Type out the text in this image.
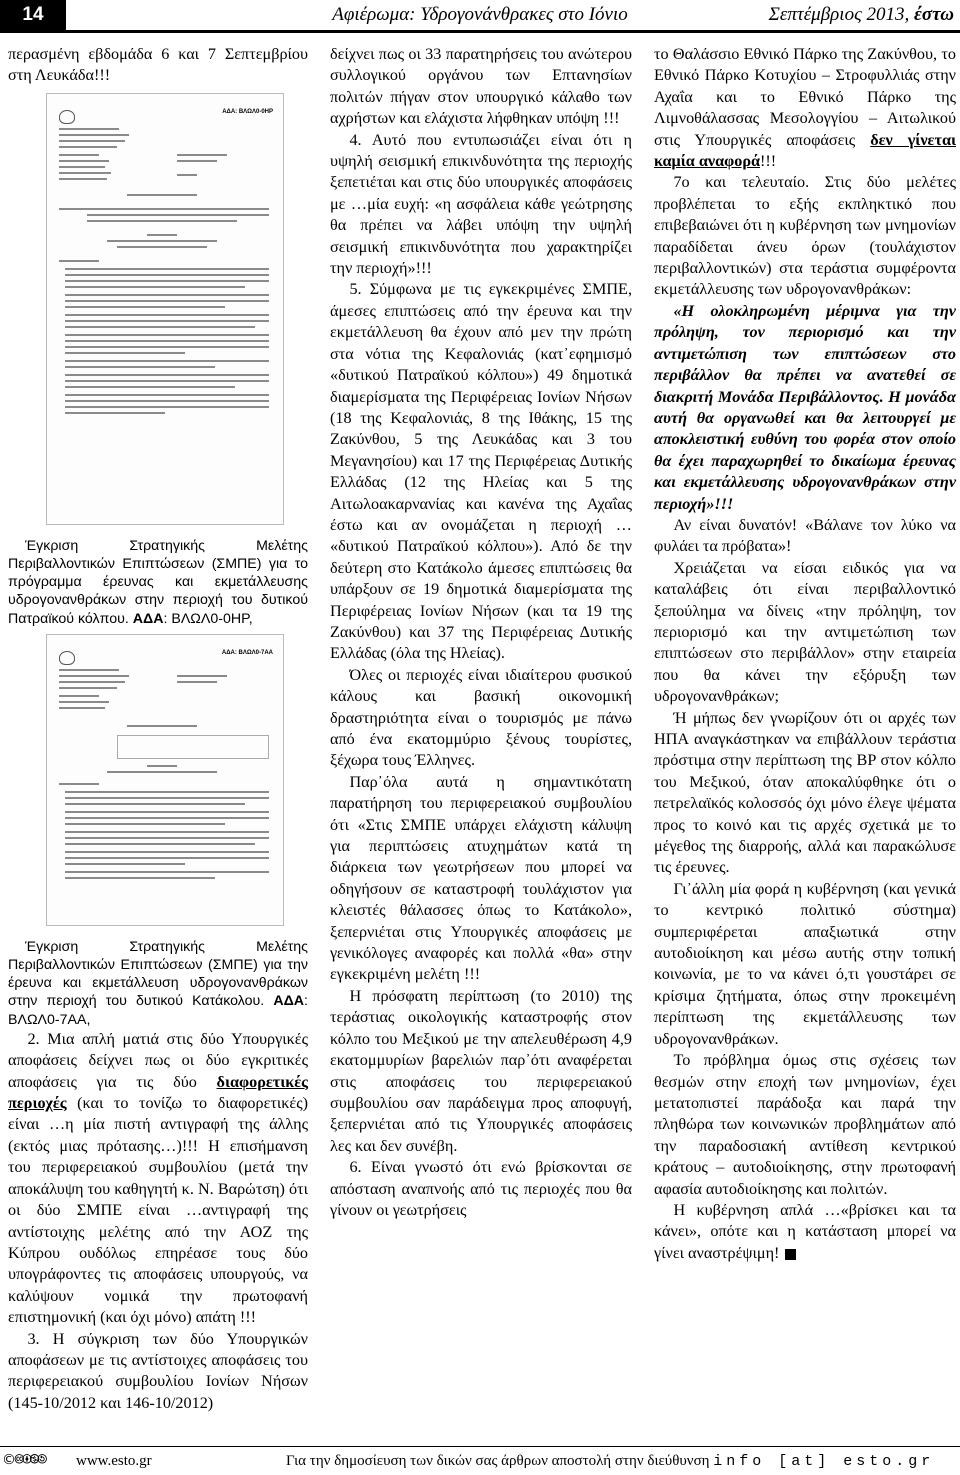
14	Αφιέρωμα: Υδρογονάνθρακες στο Ιόνιο	Σεπτέμβριος 2013, έστω

περασμένη εβδομάδα 6 και 7 Σεπτεμβρίου στη Λευκάδα!!!

ΑΔΑ: ΒΛΩΛ0-0ΗΡ

Έγκριση Στρατηγικής Μελέτης Περιβαλλοντικών Επιπτώσεων (ΣΜΠΕ) για το πρόγραμμα έρευνας και εκμετάλλευσης υδρογονανθράκων στην περιοχή του δυτικού Πατραϊκού κόλπου. ΑΔΑ: ΒΛΩΛ0-0ΗΡ,

ΑΔΑ: ΒΛΩΛ0-7ΑΑ

Έγκριση Στρατηγικής Μελέτης Περιβαλλοντικών Επιπτώσεων (ΣΜΠΕ) για την έρευνα και εκμετάλλευση υδρογονανθράκων στην περιοχή του δυτικού Κατάκολου. ΑΔΑ: ΒΛΩΛ0-7ΑΑ,

2. Μια απλή ματιά στις δύο Υπουργικές αποφάσεις δείχνει πως οι δύο εγκριτικές αποφάσεις για τις δύο διαφορετικές περιοχές (και το τονίζω το διαφορετικές) είναι …η μία πιστή αντιγραφή της άλλης (εκτός μιας πρότασης…)!!! Η επισήμανση του περιφερειακού συμβουλίου (μετά την αποκάλυψη του καθηγητή κ. Ν. Βαρώτση) ότι οι δύο ΣΜΠΕ είναι …αντιγραφή της αντίστοιχης μελέτης από την ΑΟΖ της Κύπρου ουδόλως επηρέασε τους δύο υπογράφοντες τις αποφάσεις υπουργούς, να καλύψουν νομικά την πρωτοφανή επιστημονική (και όχι μόνο) απάτη !!!

3. Η σύγκριση των δύο Υπουργικών αποφάσεων με τις αντίστοιχες αποφάσεις του περιφερειακού συμβουλίου Ιονίων Νήσων (145-10/2012 και 146-10/2012)

δείχνει πως οι 33 παρατηρήσεις του ανώτερου συλλογικού οργάνου των Επτανησίων πολιτών πήγαν στον υπουργικό κάλαθο των αχρήστων και ελάχιστα λήφθηκαν υπόψη !!!

4. Αυτό που εντυπωσιάζει είναι ότι η υψηλή σεισμική επικινδυνότητα της περιοχής ξεπετιέται και στις δύο υπουργικές αποφάσεις με …μία ευχή: «η ασφάλεια κάθε γεώτρησης θα πρέπει να λάβει υπόψη την υψηλή σεισμική επικινδυνότητα που χαρακτηρίζει την περιοχή»!!!

5. Σύμφωνα με τις εγκεκριμένες ΣΜΠΕ, άμεσες επιπτώσεις από την έρευνα και την εκμετάλλευση θα έχουν από μεν την πρώτη στα νότια της Κεφαλονιάς (κατ᾽εφημισμό «δυτικού Πατραϊκού κόλπου») 49 δημοτικά διαμερίσματα της Περιφέρειας Ιονίων Νήσων (18 της Κεφαλονιάς, 8 της Ιθάκης, 15 της Ζακύνθου, 5 της Λευκάδας και 3 του Μεγανησίου) και 17 της Περιφέρειας Δυτικής Ελλάδας (12 της Ηλείας και 5 της Αιτωλοακαρνανίας και κανένα της Αχαΐας έστω και αν ονομάζεται η περιοχή … «δυτικού Πατραϊκού κόλπου»). Από δε την δεύτερη στο Κατάκολο άμεσες επιπτώσεις θα υπάρξουν σε 19 δημοτικά διαμερίσματα της Περιφέρειας Ιονίων Νήσων (και τα 19 της Ζακύνθου) και 37 της Περιφέρειας Δυτικής Ελλάδας (όλα της Ηλείας).

Όλες οι περιοχές είναι ιδιαίτερου φυσικού κάλους και βασική οικονομική δραστηριότητα είναι ο τουρισμός με πάνω από ένα εκατομμύριο ξένους τουρίστες, ξέχωρα τους Έλληνες.

Παρ᾽όλα αυτά η σημαντικότατη παρατήρηση του περιφερειακού συμβουλίου ότι «Στις ΣΜΠΕ υπάρχει ελάχιστη κάλυψη για περιπτώσεις ατυχημάτων κατά τη διάρκεια των γεωτρήσεων που μπορεί να οδηγήσουν σε καταστροφή τουλάχιστον για κλειστές θάλασσες όπως το Κατάκολο», ξεπερνιέται στις Υπουργικές αποφάσεις με γενικόλογες αναφορές και πολλά «θα» στην εγκεκριμένη μελέτη !!!

Η πρόσφατη περίπτωση (το 2010) της τεράστιας οικολογικής καταστροφής στον κόλπο του Μεξικού με την απελευθέρωση 4,9 εκατομμυρίων βαρελιών παρ᾽ότι αναφέρεται στις αποφάσεις του περιφερειακού συμβουλίου σαν παράδειγμα προς αποφυγή, ξεπερνιέται από τις Υπουργικές αποφάσεις λες και δεν συνέβη.

6. Είναι γνωστό ότι ενώ βρίσκονται σε απόσταση αναπνοής από τις περιοχές που θα γίνουν οι γεωτρήσεις

το Θαλάσσιο Εθνικό Πάρκο της Ζακύνθου, το Εθνικό Πάρκο Κοτυχίου – Στροφυλλιάς στην Αχαΐα και το Εθνικό Πάρκο της Λιμνοθάλασσας Μεσολογγίου – Αιτωλικού στις Υπουργικές αποφάσεις δεν γίνεται καμία αναφορά!!!

7ο και τελευταίο. Στις δύο μελέτες προβλέπεται το εξής εκπληκτικό που επιβεβαιώνει ότι η κυβέρνηση των μνημονίων παραδίδεται άνευ όρων (τουλάχιστον περιβαλλοντικών) στα τεράστια συμφέροντα εκμετάλλευσης των υδρογονανθράκων:

«Η ολοκληρωμένη μέριμνα για την πρόληψη, τον περιορισμό και την αντιμετώπιση των επιπτώσεων στο περιβάλλον θα πρέπει να ανατεθεί σε διακριτή Μονάδα Περιβάλλοντος. Η μονάδα αυτή θα οργανωθεί και θα λειτουργεί με αποκλειστική ευθύνη του φορέα στον οποίο θα έχει παραχωρηθεί το δικαίωμα έρευνας και εκμετάλλευσης υδρογονανθράκων στην περιοχή»!!!

Αν είναι δυνατόν! «Βάλανε τον λύκο να φυλάει τα πρόβατα»!

Χρειάζεται να είσαι ειδικός για να καταλάβεις ότι είναι περιβαλλοντικό ξεπούλημα να δίνεις «την πρόληψη, τον περιορισμό και την αντιμετώπιση των επιπτώσεων στο περιβάλλον» στην εταιρεία που θα κάνει την εξόρυξη των υδρογονανθράκων;

Ή μήπως δεν γνωρίζουν ότι οι αρχές των ΗΠΑ αναγκάστηκαν να επιβάλλουν τεράστια πρόστιμα στην περίπτωση της BP στον κόλπο του Μεξικού, όταν αποκαλύφθηκε ότι ο πετρελαϊκός κολοσσός όχι μόνο έλεγε ψέματα προς το κοινό και τις αρχές σχετικά με το μέγεθος της διαρροής, αλλά και παρακώλυσε τις έρευνες.

Γι᾽άλλη μία φορά η κυβέρνηση (και γενικά το κεντρικό πολιτικό σύστημα) συμπεριφέρεται απαξιωτικά στην αυτοδιοίκηση και μέσω αυτής στην τοπική κοινωνία, με το να κάνει ό,τι γουστάρει σε κρίσιμα ζητήματα, όπως στην προκειμένη περίπτωση της εκμετάλλευσης των υδρογονανθράκων.

Το πρόβλημα όμως στις σχέσεις των θεσμών στην εποχή των μνημονίων, έχει μετατοπιστεί παράδοξα και παρά την πληθώρα των κοινωνικών προβλημάτων από την παραδοσιακή αντίθεση κεντρικού κράτους – αυτοδιοίκησης, στην πρωτοφανή αφασία αυτοδιοίκησης και πολιτών.

Η κυβέρνηση απλά …«βρίσκει και τα κάνει», οπότε και η κατάσταση μπορεί να γίνει αναστρέψιμη!

©🅭🅯🄏🄎 www.esto.gr	Για την δημοσίευση των δικών σας άρθρων αποστολή στην διεύθυνση info [at] esto.gr
